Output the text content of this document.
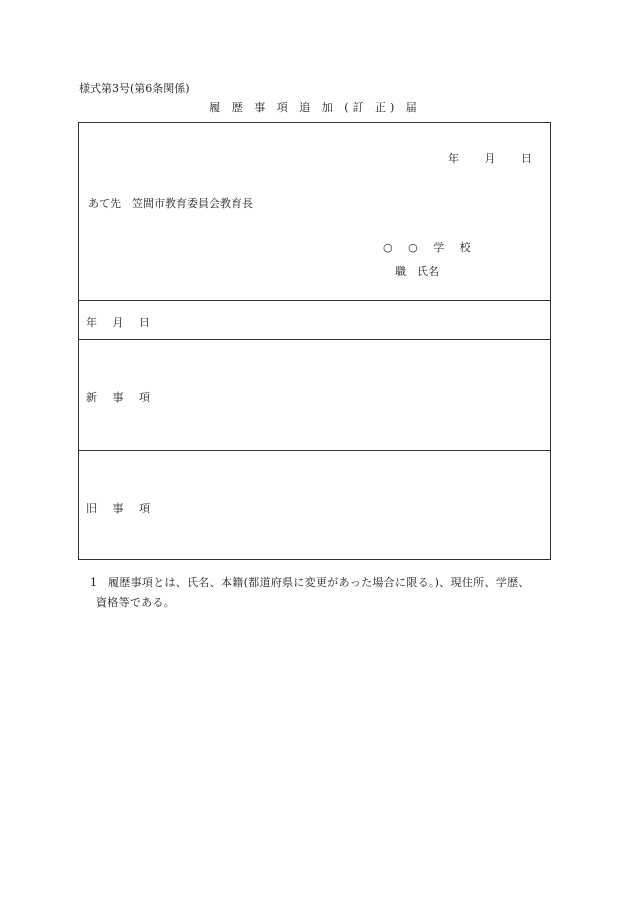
様式第3号(第6条関係)
履 歴 事 項 追 加 (訂 正) 届
年 月 日
あて先　笠間市教育委員会教育長
○ ○ 学 校
職　氏名
年 月 日
新 事 項
旧 事 項
1 履歴事項とは、氏名、本籍(都道府県に変更があった場合に限る。)、現住所、学歴、
資格等である。
